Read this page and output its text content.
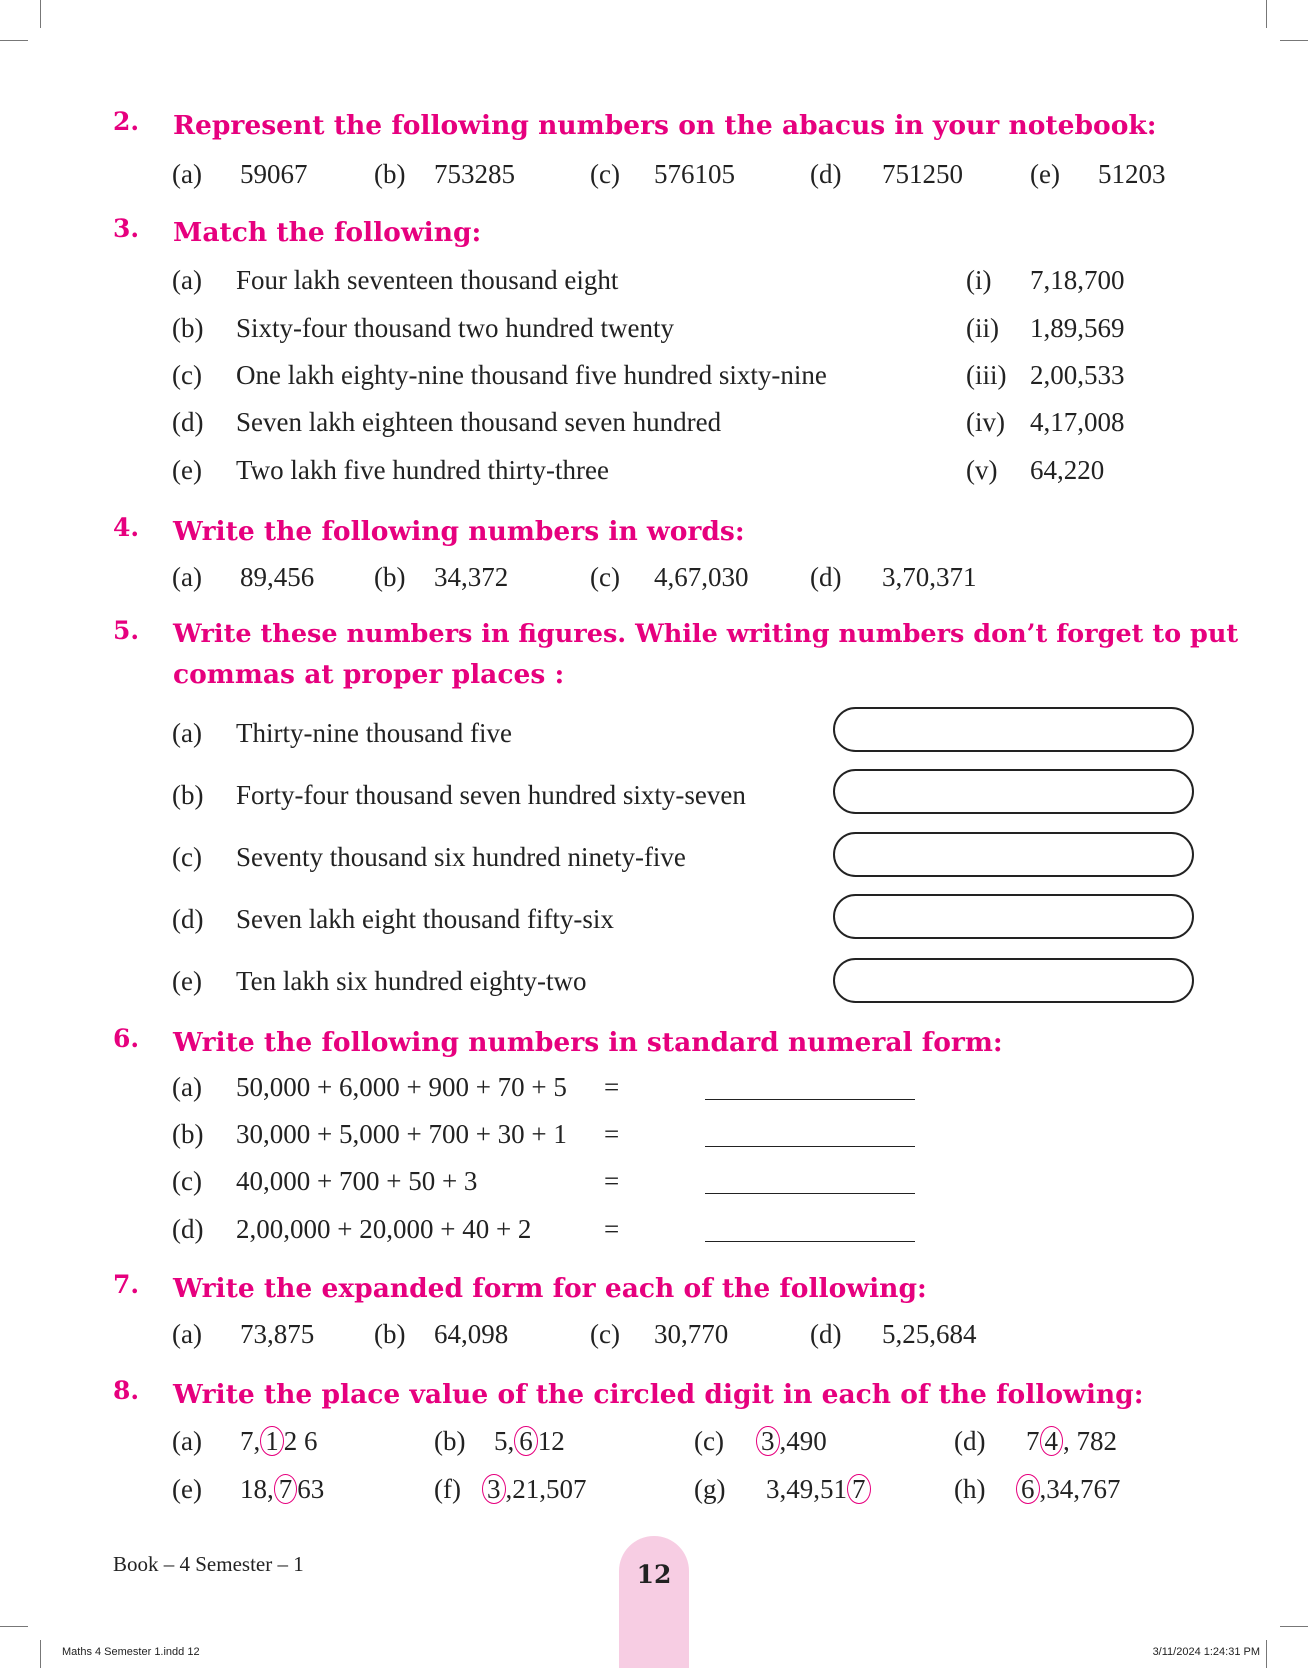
2. Represent the following numbers on the abacus in your notebook:
(a) 59067 (b) 753285	(c) 576105	(d) 751250 (e) 51203
3. Match the following:
(a) Four lakh seventeen thousand eight	(i) 7,18,700
(b) Sixty-four thousand two hundred twenty	(ii) 1,89,569
(c) One lakh eighty-nine thousand five hundred sixty-nine	(iii) 2,00,533
(d) Seven lakh eighteen thousand seven hundred	(iv) 4,17,008
(e) Two lakh five hundred thirty-three	(v) 64,220
4. Write the following numbers in words:
(a) 89,456 (b) 34,372	(c) 4,67,030 (d) 3,70,371
5. Write these numbers in figures. While writing numbers don’t forget to put
commas at proper places :
(a) Thirty-nine thousand five
(b) Forty-four thousand seven hundred sixty-seven
(c) Seventy thousand six hundred ninety-five
(d) Seven lakh eight thousand fifty-six
(e) Ten lakh six hundred eighty-two
6. Write the following numbers in standard numeral form:
(a) 50,000 + 6,000 + 900 + 70 + 5 =
(b) 30,000 + 5,000 + 700 + 30 + 1 =
(c) 40,000 + 700 + 50 + 3	=
(d) 2,00,000 + 20,000 + 40 + 2	=
7. Write the expanded form for each of the following:
(a) 73,875 (b) 64,098	(c) 30,770	(d) 5,25,684
8. Write the place value of the circled digit in each of the following:
(a) 7, 1 2 6	(b) 5, 6 12	(c) 3 ,490	(d) 7 4 , 782
(e) 18, 7 63	(f) 3 ,21,507	(g) 3,49,51 7	(h) 6 ,34,767
Book – 4 Semester – 1	12
Maths 4 Semester 1.indd 12	3/11/2024 1:24:31 PM
